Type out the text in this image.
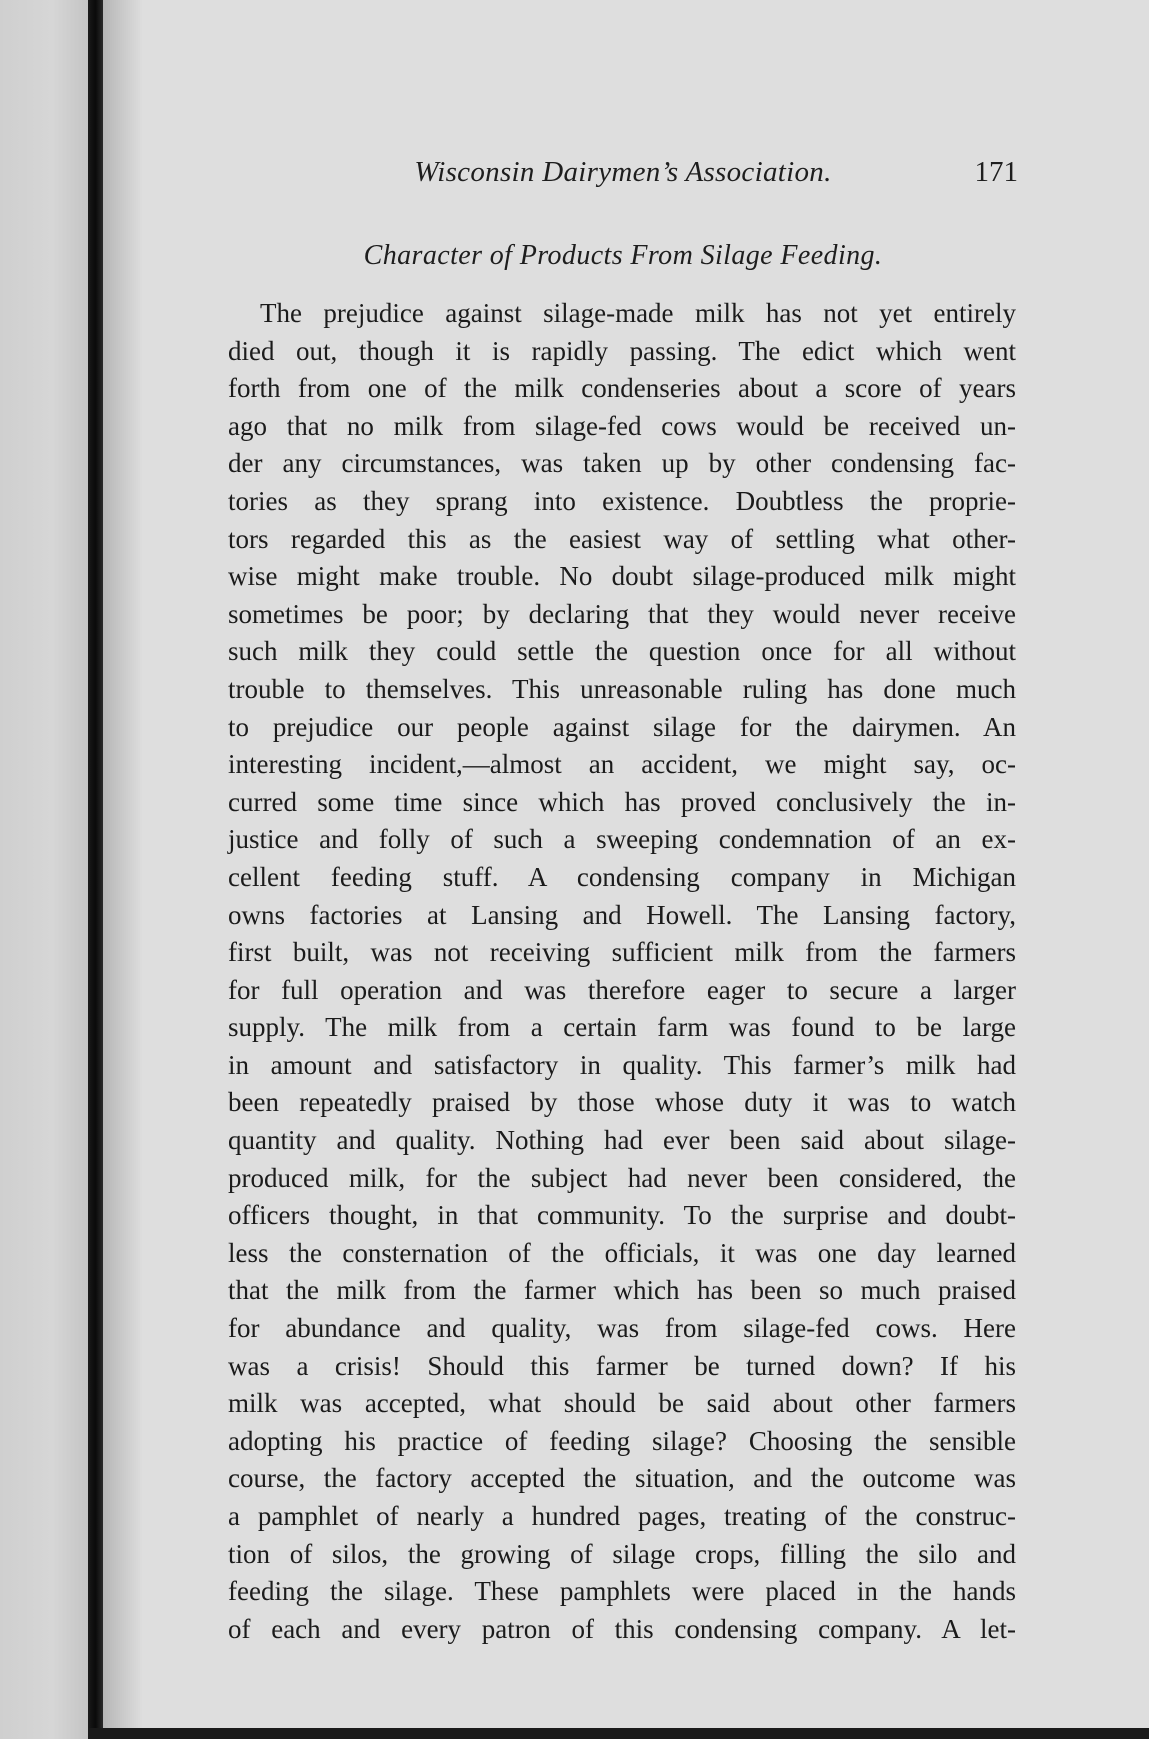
Wisconsin Dairymen’s Association.	171
Character of Products From Silage Feeding.
The prejudice against silage-made milk has not yet entirely
died out, though it is rapidly passing. The edict which went
forth from one of the milk condenseries about a score of years
ago that no milk from silage-fed cows would be received un-
der any circumstances, was taken up by other condensing fac-
tories as they sprang into existence. Doubtless the proprie-
tors regarded this as the easiest way of settling what other-
wise might make trouble. No doubt silage-produced milk might
sometimes be poor; by declaring that they would never receive
such milk they could settle the question once for all without
trouble to themselves. This unreasonable ruling has done much
to prejudice our people against silage for the dairymen. An
interesting incident,—almost an accident, we might say, oc-
curred some time since which has proved conclusively the in-
justice and folly of such a sweeping condemnation of an ex-
cellent feeding stuff. A condensing company in Michigan
owns factories at Lansing and Howell. The Lansing factory,
first built, was not receiving sufficient milk from the farmers
for full operation and was therefore eager to secure a larger
supply. The milk from a certain farm was found to be large
in amount and satisfactory in quality. This farmer’s milk had
been repeatedly praised by those whose duty it was to watch
quantity and quality. Nothing had ever been said about silage-
produced milk, for the subject had never been considered, the
officers thought, in that community. To the surprise and doubt-
less the consternation of the officials, it was one day learned
that the milk from the farmer which has been so much praised
for abundance and quality, was from silage-fed cows. Here
was a crisis! Should this farmer be turned down? If his
milk was accepted, what should be said about other farmers
adopting his practice of feeding silage? Choosing the sensible
course, the factory accepted the situation, and the outcome was
a pamphlet of nearly a hundred pages, treating of the construc-
tion of silos, the growing of silage crops, filling the silo and
feeding the silage. These pamphlets were placed in the hands
of each and every patron of this condensing company. A let-
